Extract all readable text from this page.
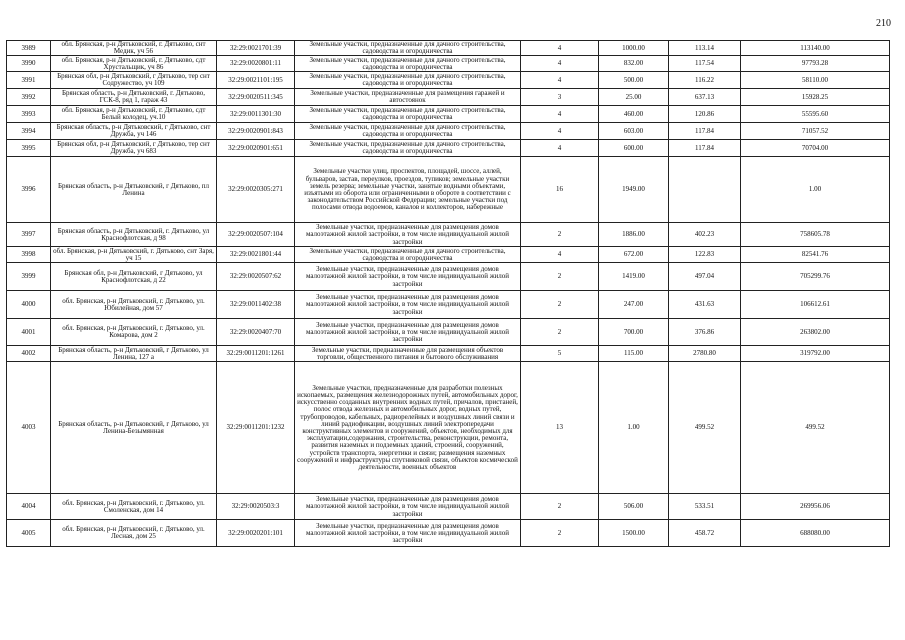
210
3989	обл. Брянская, р-н Дятьковский, г. Дятьково, снт Медик, уч 56	32:29:0021701:39	Земельные участки, предназначенные для дачного строительства, садоводства и огородничества	4	1000.00	113.14	113140.00
3990	обл. Брянская, р-н Дятьковский, г. Дятьково, сдт Хрустальщик, уч 86	32:29:0020801:11	Земельные участки, предназначенные для дачного строительства, садоводства и огородничества	4	832.00	117.54	97793.28
3991	Брянская обл, р-н Дятьковский, г Дятьково, тер снт Содружество, уч 109	32:29:0021101:195	Земельные участки, предназначенные для дачного строительства, садоводства и огородничества	4	500.00	116.22	58110.00
3992	Брянская область, р-н Дятьковский, г. Дятьково, ГСК-8, ряд 1, гараж 43	32:29:0020511:345	Земельные участки, предназначенные для размещения гаражей и автостоянок	3	25.00	637.13	15928.25
3993	обл. Брянская, р-н Дятьковский, г. Дятьково, сдт Белый колодец, уч.10	32:29:0011301:30	Земельные участки, предназначенные для дачного строительства, садоводства и огородничества	4	460.00	120.86	55595.60
3994	Брянская область, р-н Дятьковский, г Дятьково, снт Дружба, уч 146	32:29:0020901:843	Земельные участки, предназначенные для дачного строительства, садоводства и огородничества	4	603.00	117.84	71057.52
3995	Брянская обл, р-н Дятьковский, г Дятьково, тер снт Дружба, уч 683	32:29:0020901:651	Земельные участки, предназначенные для дачного строительства, садоводства и огородничества	4	600.00	117.84	70704.00
3996	Брянская область, р-н Дятьковский, г Дятьково, пл Ленина	32:29:0020305:271	Земельные участки улиц, проспектов, площадей, шоссе, аллей, бульваров, застав, переулков, проездов, тупиков; земельные участки земель резерва; земельные участки, занятые водными объектами, изъятыми из оборота или ограниченными в обороте в соответствии с законодательством Российской Федерации; земельные участки под полосами отвода водоемов, каналов и коллекторов, набережные	16	1949.00		1.00
3997	Брянская область, р-н Дятьковский, г. Дятьково, ул Краснофлотская, д 98	32:29:0020507:104	Земельные участки, предназначенные для размещения домов малоэтажной жилой застройки, в том числе индивидуальной жилой застройки	2	1886.00	402.23	758605.78
3998	обл. Брянская, р-н Дятьковский, г. Дятьково, снт Заря, уч 15	32:29:0021801:44	Земельные участки, предназначенные для дачного строительства, садоводства и огородничества	4	672.00	122.83	82541.76
3999	Брянская обл, р-н Дятьковский, г Дятьково, ул Краснофлотская, д 22	32:29:0020507:62	Земельные участки, предназначенные для размещения домов малоэтажной жилой застройки, в том числе индивидуальной жилой застройки	2	1419.00	497.04	705299.76
4000	обл. Брянская, р-н Дятьковский, г. Дятьково, ул. Юбилейная, дом 57	32:29:0011402:38	Земельные участки, предназначенные для размещения домов малоэтажной жилой застройки, в том числе индивидуальной жилой застройки	2	247.00	431.63	106612.61
4001	обл. Брянская, р-н Дятьковский, г. Дятьково, ул. Комарова, дом 2	32:29:0020407:70	Земельные участки, предназначенные для размещения домов малоэтажной жилой застройки, в том числе индивидуальной жилой застройки	2	700.00	376.86	263802.00
4002	Брянская область, р-н Дятьковский, г Дятьково, ул Ленина, 127 а	32:29:0011201:1261	Земельные участки, предназначенные для размещения объектов торговли, общественного питания и бытового обслуживания	5	115.00	2780.80	319792.00
4003	Брянская область, р-н Дятьковский, г Дятьково, ул Ленина-Безымянная	32:29:0011201:1232	Земельные участки, предназначенные для разработки полезных ископаемых, размещения железнодорожных путей, автомобильных дорог, искусственно созданных внутренних водных путей, причалов, пристаней, полос отвода железных и автомобильных дорог, водных путей, трубопроводов, кабельных, радиорелейных и воздушных линий связи и линий радиофикации, воздушных линий электропередачи конструктивных элементов и сооружений, объектов, необходимых для эксплуатации,содержания, строительства, реконструкции, ремонта, развития наземных и подземных зданий, строений, сооружений, устройств транспорта, энергетики и связи; размещения наземных сооружений и инфраструктуры спутниковой связи, объектов космической деятельности, военных объектов	13	1.00	499.52	499.52
4004	обл. Брянская, р-н Дятьковский, г. Дятьково, ул. Смоленская, дом 14	32:29:0020503:3	Земельные участки, предназначенные для размещения домов малоэтажной жилой застройки, в том числе индивидуальной жилой застройки	2	506.00	533.51	269956.06
4005	обл. Брянская, р-н Дятьковский, г. Дятьково, ул. Лесная, дом 25	32:29:0020201:101	Земельные участки, предназначенные для размещения домов малоэтажной жилой застройки, в том числе индивидуальной жилой застройки	2	1500.00	458.72	688080.00
